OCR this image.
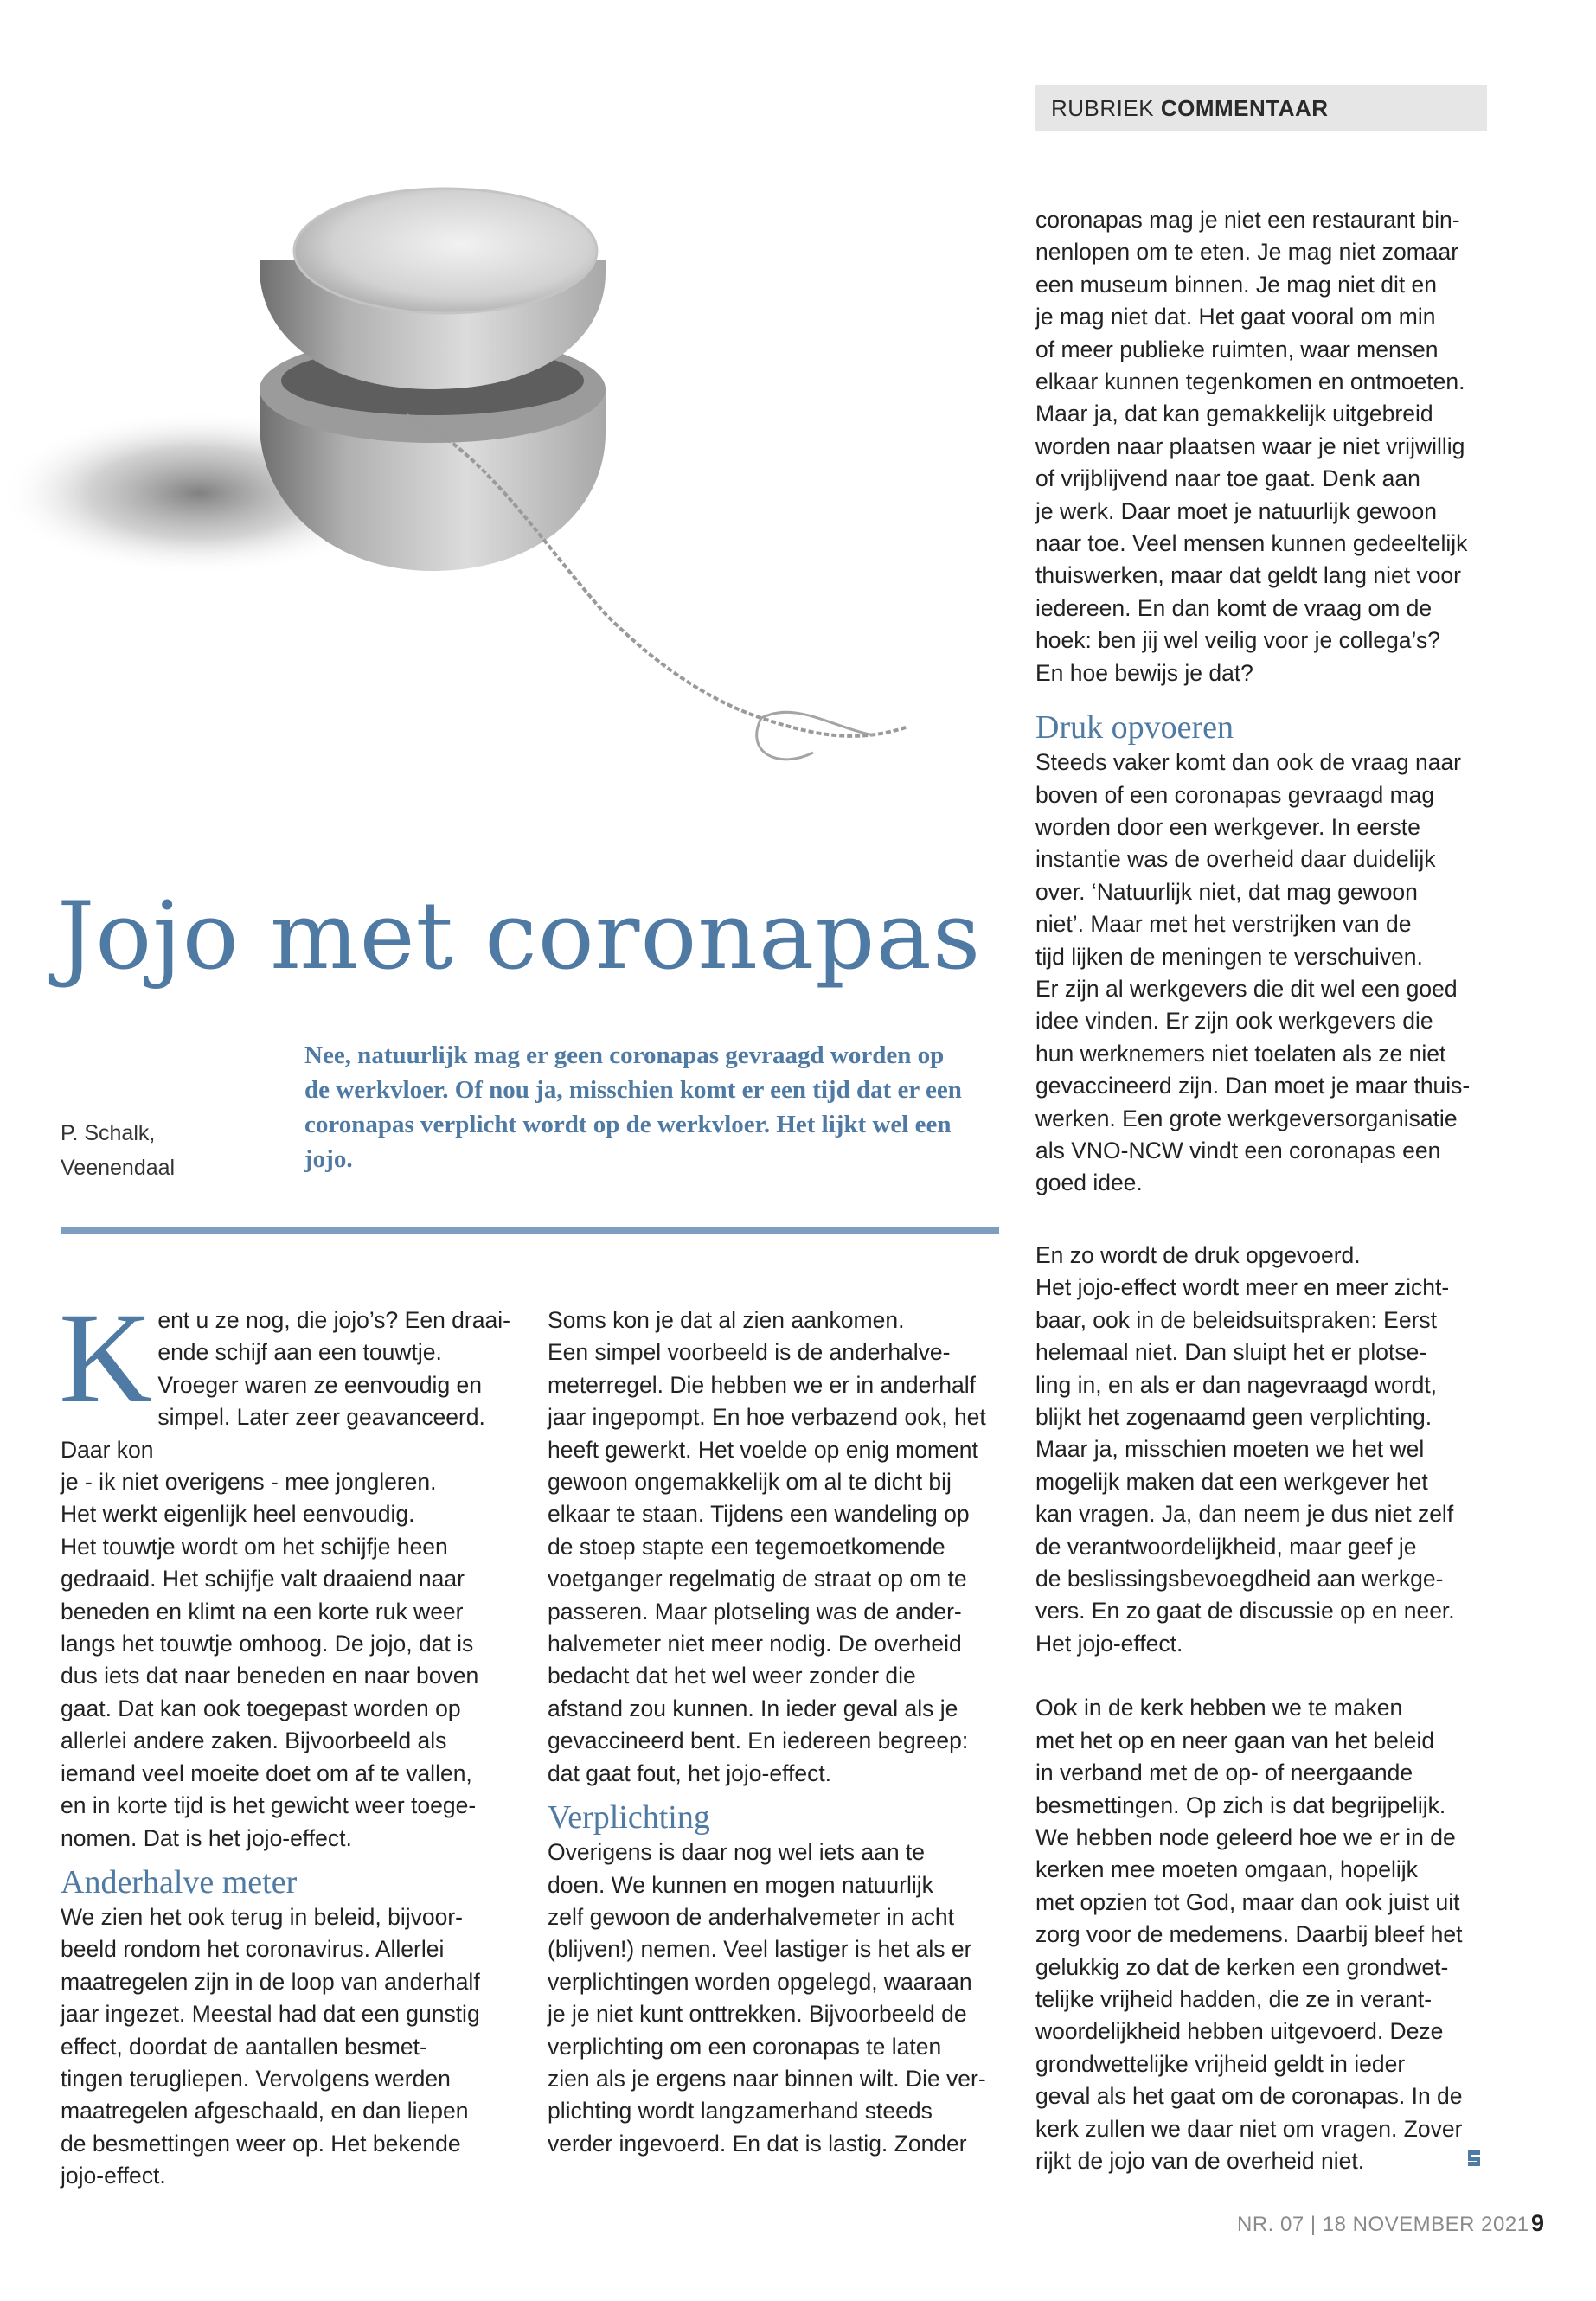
RUBRIEK COMMENTAAR
Jojo met coronapas
P. Schalk,
Veenendaal

Nee, natuurlijk mag er geen coronapas gevraagd worden op de werkvloer. Of nou ja, misschien komt er een tijd dat er een coronapas verplicht wordt op de werkvloer. Het lijkt wel een jojo.

K ent u ze nog, die jojo’s? Een draai-
ende schijf aan een touwtje.
Vroeger waren ze eenvoudig en
simpel. Later zeer geavanceerd. Daar kon
je - ik niet overigens - mee jongleren.
Het werkt eigenlijk heel eenvoudig.
Het touwtje wordt om het schijfje heen
gedraaid. Het schijfje valt draaiend naar
beneden en klimt na een korte ruk weer
langs het touwtje omhoog. De jojo, dat is
dus iets dat naar beneden en naar boven
gaat. Dat kan ook toegepast worden op
allerlei andere zaken. Bijvoorbeeld als
iemand veel moeite doet om af te vallen,
en in korte tijd is het gewicht weer toege-
nomen. Dat is het jojo-effect.

Anderhalve meter

We zien het ook terug in beleid, bijvoor-
beeld rondom het coronavirus. Allerlei
maatregelen zijn in de loop van anderhalf
jaar ingezet. Meestal had dat een gunstig
effect, doordat de aantallen besmet-
tingen terugliepen. Vervolgens werden
maatregelen afgeschaald, en dan liepen
de besmettingen weer op. Het bekende
jojo-effect.

Soms kon je dat al zien aankomen.
Een simpel voorbeeld is de anderhalve-
meterregel. Die hebben we er in anderhalf
jaar ingepompt. En hoe verbazend ook, het
heeft gewerkt. Het voelde op enig moment
gewoon ongemakkelijk om al te dicht bij
elkaar te staan. Tijdens een wandeling op
de stoep stapte een tegemoetkomende
voetganger regelmatig de straat op om te
passeren. Maar plotseling was de ander-
halvemeter niet meer nodig. De overheid
bedacht dat het wel weer zonder die
afstand zou kunnen. In ieder geval als je
gevaccineerd bent. En iedereen begreep:
dat gaat fout, het jojo-effect.

Verplichting

Overigens is daar nog wel iets aan te
doen. We kunnen en mogen natuurlijk
zelf gewoon de anderhalvemeter in acht
(blijven!) nemen. Veel lastiger is het als er
verplichtingen worden opgelegd, waaraan
je je niet kunt onttrekken. Bijvoorbeeld de
verplichting om een coronapas te laten
zien als je ergens naar binnen wilt. Die ver-
plichting wordt langzamerhand steeds
verder ingevoerd. En dat is lastig. Zonder

coronapas mag je niet een restaurant bin-
nenlopen om te eten. Je mag niet zomaar
een museum binnen. Je mag niet dit en
je mag niet dat. Het gaat vooral om min
of meer publieke ruimten, waar mensen
elkaar kunnen tegenkomen en ontmoeten.
Maar ja, dat kan gemakkelijk uitgebreid
worden naar plaatsen waar je niet vrijwillig
of vrijblijvend naar toe gaat. Denk aan
je werk. Daar moet je natuurlijk gewoon
naar toe. Veel mensen kunnen gedeeltelijk
thuiswerken, maar dat geldt lang niet voor
iedereen. En dan komt de vraag om de
hoek: ben jij wel veilig voor je collega’s?
En hoe bewijs je dat?

Druk opvoeren

Steeds vaker komt dan ook de vraag naar
boven of een coronapas gevraagd mag
worden door een werkgever. In eerste
instantie was de overheid daar duidelijk
over. ‘Natuurlijk niet, dat mag gewoon
niet’. Maar met het verstrijken van de
tijd lijken de meningen te verschuiven.
Er zijn al werkgevers die dit wel een goed
idee vinden. Er zijn ook werkgevers die
hun werknemers niet toelaten als ze niet
gevaccineerd zijn. Dan moet je maar thuis-
werken. Een grote werkgeversorganisatie
als VNO-NCW vindt een coronapas een
goed idee.

En zo wordt de druk opgevoerd.
Het jojo-effect wordt meer en meer zicht-
baar, ook in de beleidsuitspraken: Eerst
helemaal niet. Dan sluipt het er plotse-
ling in, en als er dan nagevraagd wordt,
blijkt het zogenaamd geen verplichting.
Maar ja, misschien moeten we het wel
mogelijk maken dat een werkgever het
kan vragen. Ja, dan neem je dus niet zelf
de verantwoordelijkheid, maar geef je
de beslissingsbevoegdheid aan werkge-
vers. En zo gaat de discussie op en neer.
Het jojo-effect.

Ook in de kerk hebben we te maken
met het op en neer gaan van het beleid
in verband met de op- of neergaande
besmettingen. Op zich is dat begrijpelijk.
We hebben node geleerd hoe we er in de
kerken mee moeten omgaan, hopelijk
met opzien tot God, maar dan ook juist uit
zorg voor de medemens. Daarbij bleef het
gelukkig zo dat de kerken een grondwet-
telijke vrijheid hadden, die ze in verant-
woordelijkheid hebben uitgevoerd. Deze
grondwettelijke vrijheid geldt in ieder
geval als het gaat om de coronapas. In de
kerk zullen we daar niet om vragen. Zover
rijkt de jojo van de overheid niet.

NR. 07 | 18 NOVEMBER 2021 9
